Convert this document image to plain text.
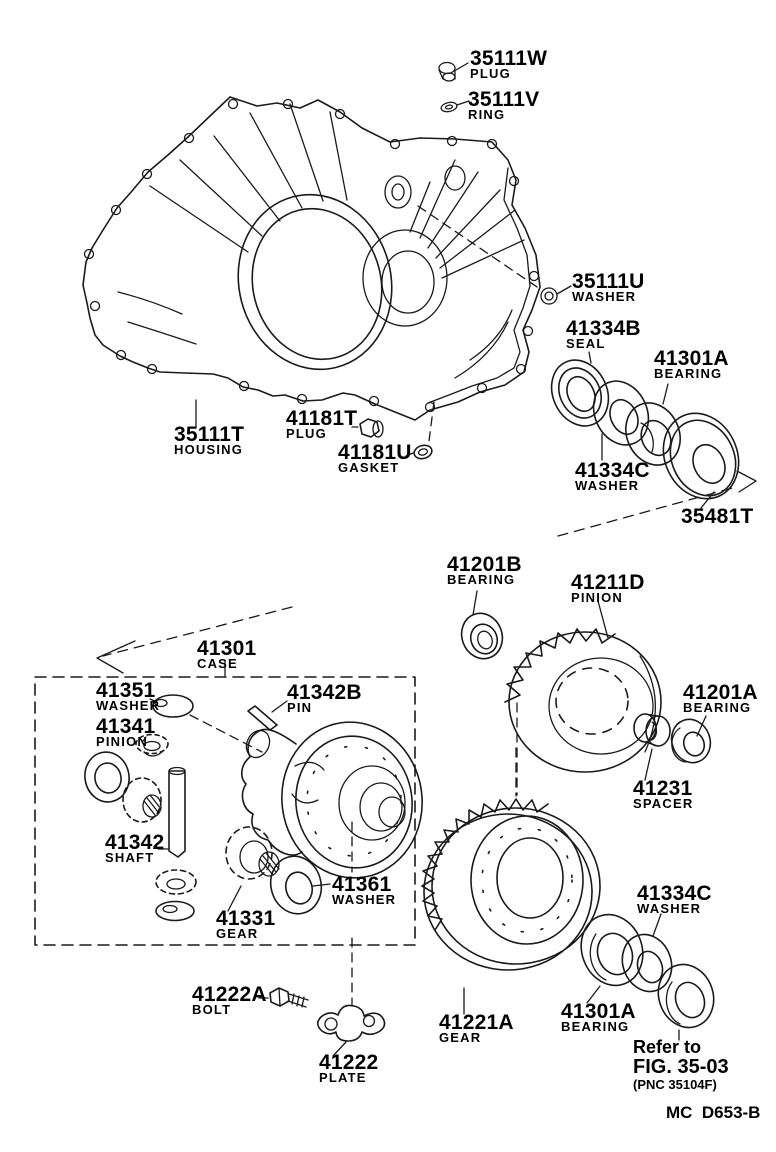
35111W
PLUG
35111V
RING
35111U
WASHER
41334B
SEAL
41301A
BEARING
41334C
WASHER
35481T
35111T
HOUSING
41181T
PLUG
41181U
GASKET
41201B
BEARING	41211D
PINION
41301
CASE
41351
WASHER
41342B
PIN
41341
PINION
41342
SHAFT
41331
GEAR
41361
WASHER
41201A
BEARING
41231
SPACER
41222A
BOLT
41222
PLATE
41221A
GEAR
41301A
BEARING
41334C
WASHER
Refer to
FIG. 35-03
(PNC 35104F)
MC  D653-B
